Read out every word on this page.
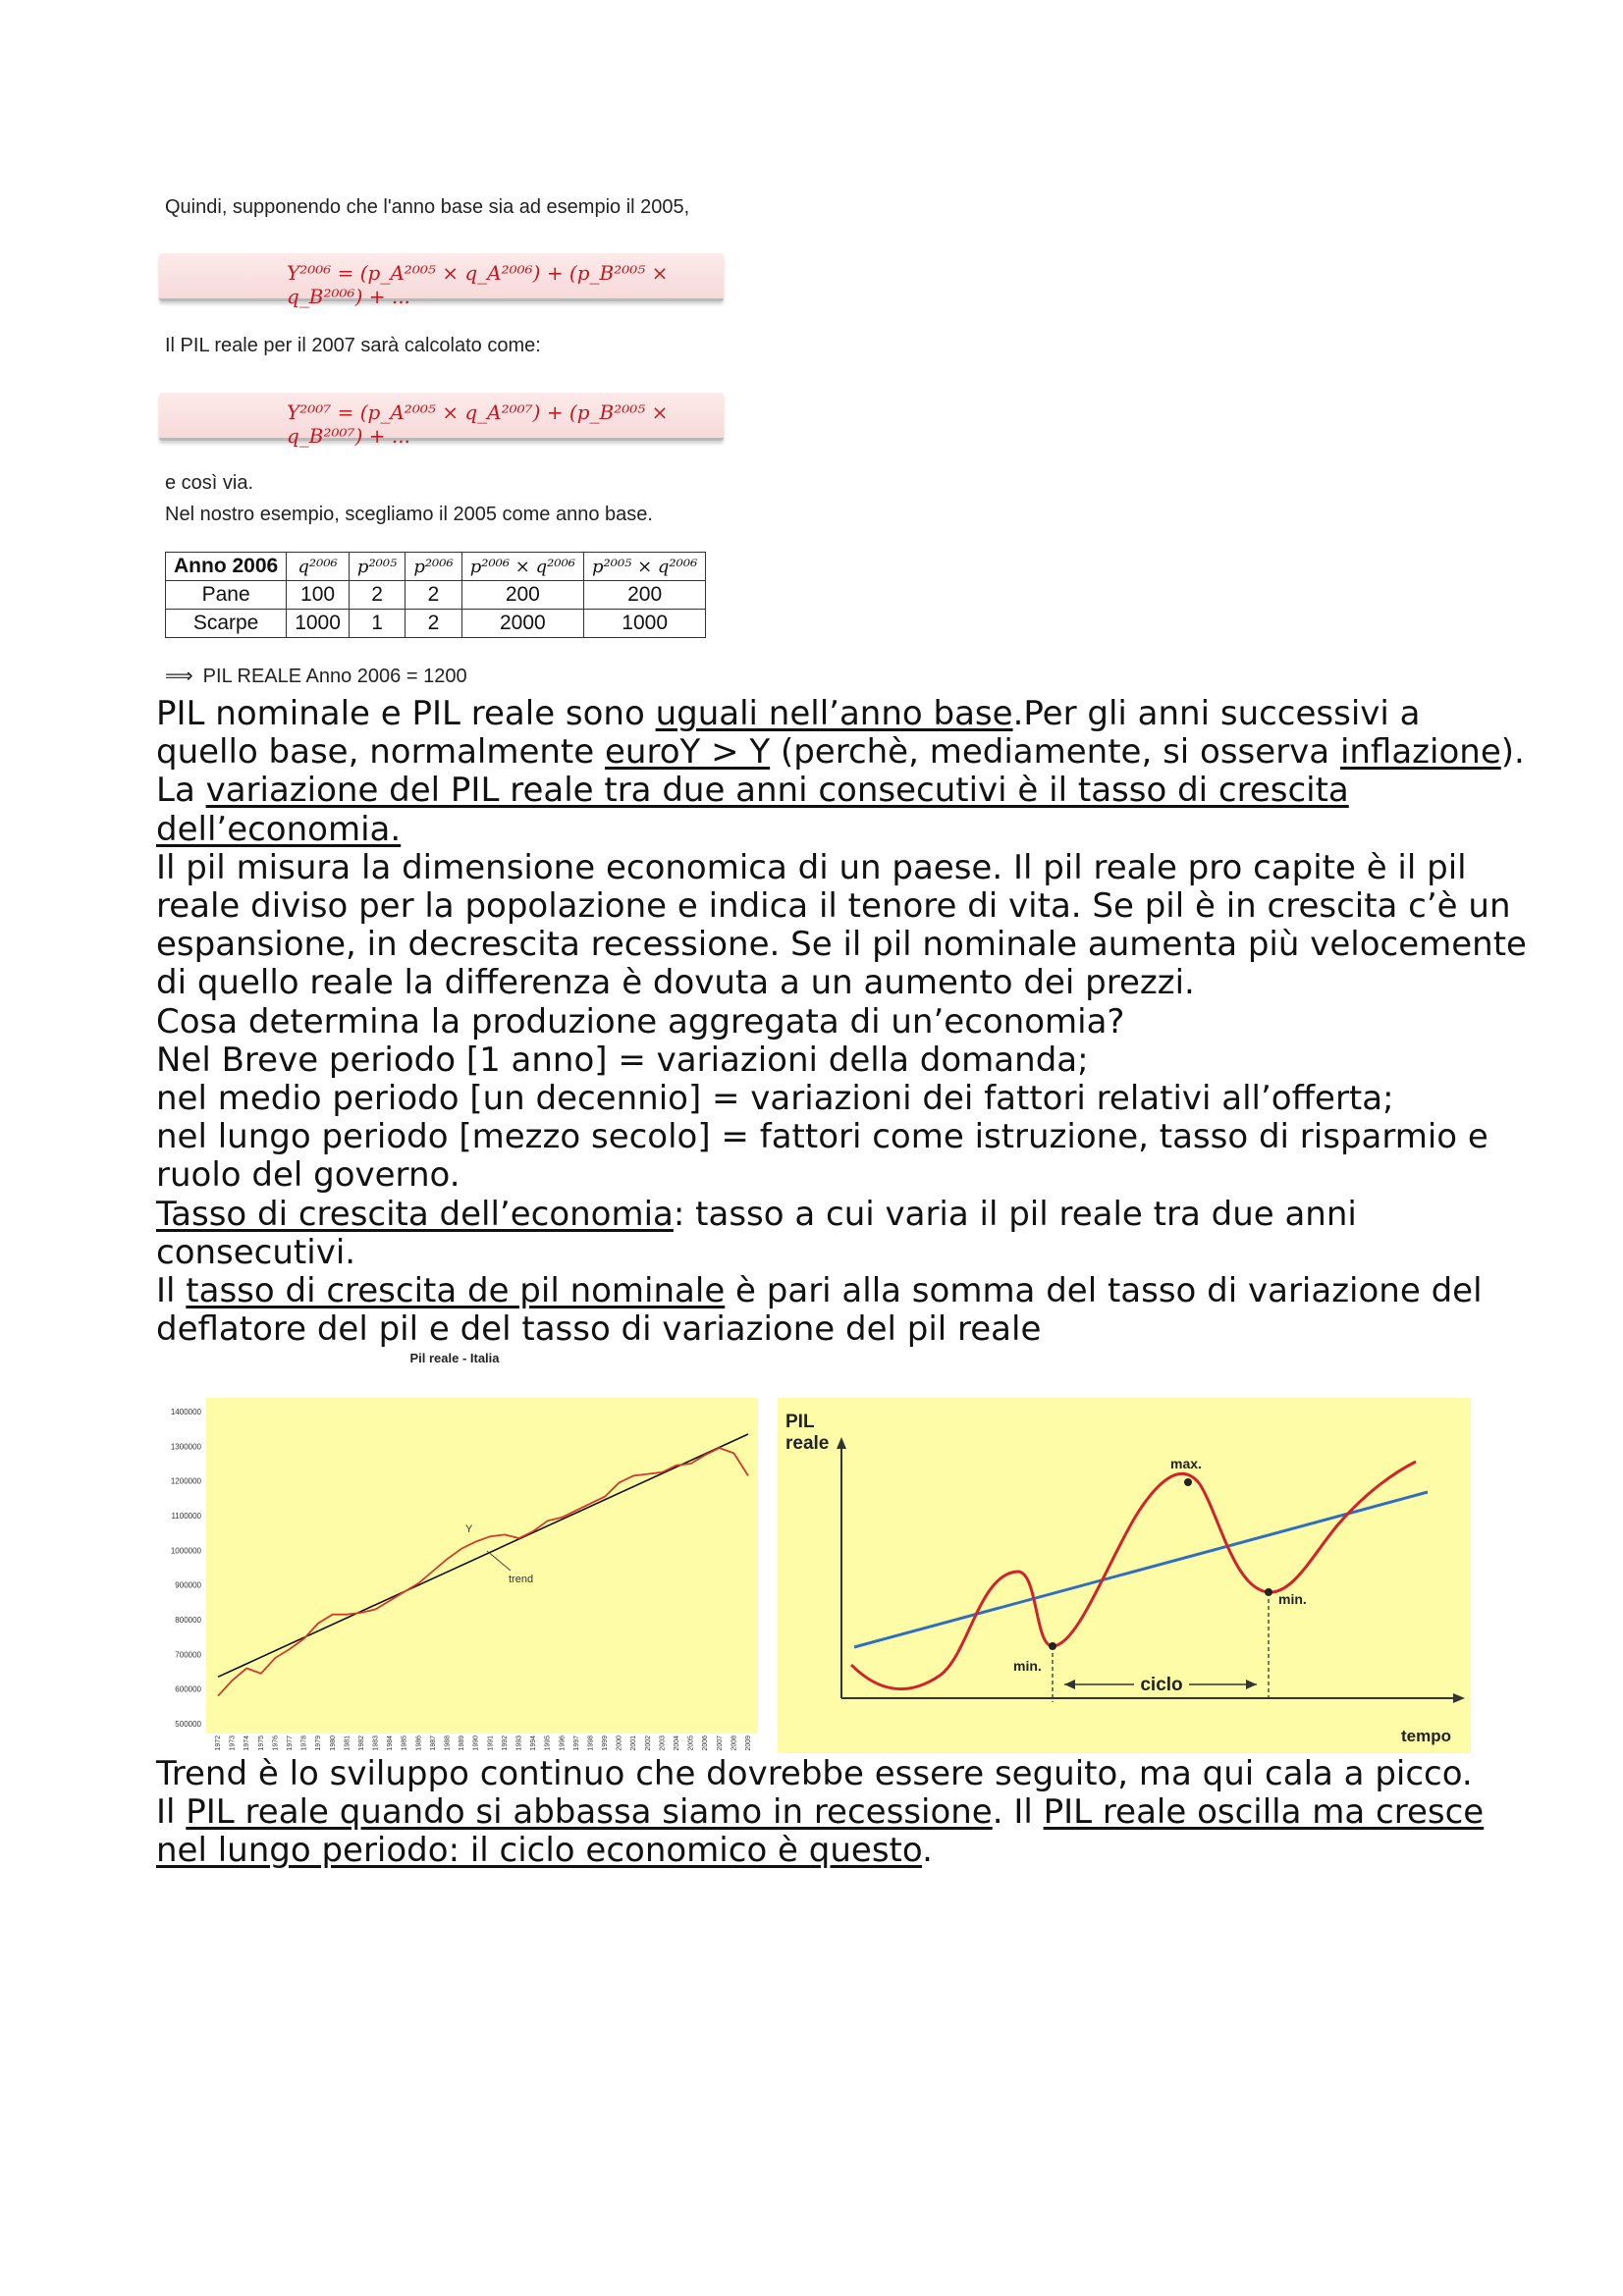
Quindi, supponendo che l'anno base sia ad esempio il 2005,
Y²⁰⁰⁶ = (p_A²⁰⁰⁵ × q_A²⁰⁰⁶) + (p_B²⁰⁰⁵ × q_B²⁰⁰⁶) + ...
Il PIL reale per il 2007 sarà calcolato come:
Y²⁰⁰⁷ = (p_A²⁰⁰⁵ × q_A²⁰⁰⁷) + (p_B²⁰⁰⁵ × q_B²⁰⁰⁷) + ...
e così via.
Nel nostro esempio, scegliamo il 2005 come anno base.
Anno 2006	q²⁰⁰⁶	p²⁰⁰⁵	p²⁰⁰⁶	p²⁰⁰⁶ × q²⁰⁰⁶	p²⁰⁰⁵ × q²⁰⁰⁶
Pane	100	2	2	200	200
Scarpe	1000	1	2	2000	1000
⟹ PIL REALE Anno 2006 = 1200

PIL nominale e PIL reale sono uguali nell’anno base.Per gli anni successivi a quello base, normalmente euroY > Y (perchè, mediamente, si osserva inflazione). La variazione del PIL reale tra due anni consecutivi è il tasso di crescita dell’economia.

Il pil misura la dimensione economica di un paese. Il pil reale pro capite è il pil reale diviso per la popolazione e indica il tenore di vita. Se pil è in crescita c’è un espansione, in decrescita recessione. Se il pil nominale aumenta più velocemente di quello reale la differenza è dovuta a un aumento dei prezzi.

Cosa determina la produzione aggregata di un’economia?

Nel Breve periodo [1 anno] = variazioni della domanda;

nel medio periodo [un decennio] = variazioni dei fattori relativi all’offerta;

nel lungo periodo [mezzo secolo] = fattori come istruzione, tasso di risparmio e ruolo del governo.

Tasso di crescita dell’economia: tasso a cui varia il pil reale tra due anni consecutivi.

Il tasso di crescita de pil nominale è pari alla somma del tasso di variazione del deflatore del pil e del tasso di variazione del pil reale

Pil reale - Italia
500000
600000
700000
800000
900000
1000000
1100000
1200000
1300000
1400000
1972 1973 1974 1975 1976 1977 1978 1979 1980 1981 1982 1983 1984 1985 1986 1987 1988 1989 1990 1991 1992 1993 1994 1995 1996 1997 1998 1999 2000 2001 2002 2003 2004 2005 2006 2007 2008 2009
Y
trend
PIL
reale
tempo
max.
min.
min.
ciclo

Trend è lo sviluppo continuo che dovrebbe essere seguito, ma qui cala a picco.

Il PIL reale quando si abbassa siamo in recessione. Il PIL reale oscilla ma cresce nel lungo periodo: il ciclo economico è questo.
